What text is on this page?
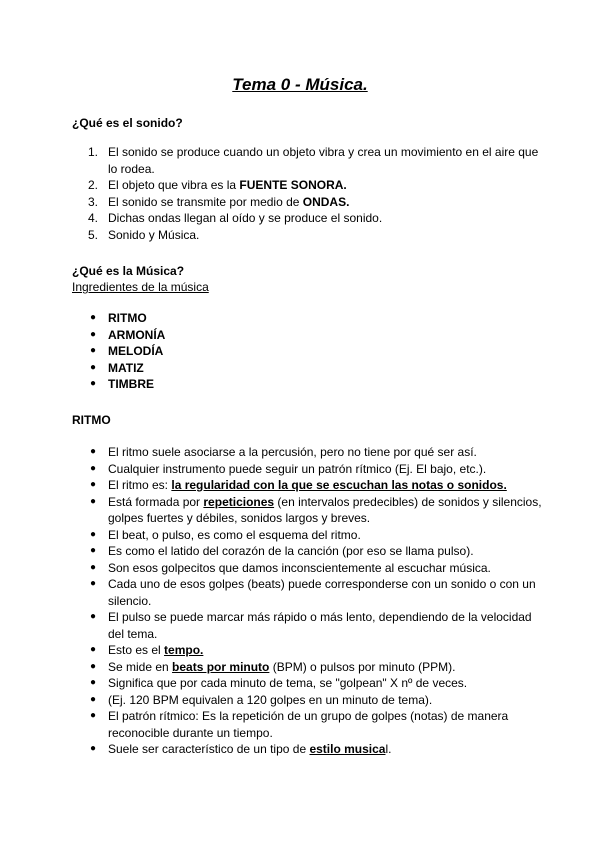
Tema 0 - Música.
¿Qué es el sonido?
1. El sonido se produce cuando un objeto vibra y crea un movimiento en el aire que lo rodea.
2. El objeto que vibra es la FUENTE SONORA.
3. El sonido se transmite por medio de ONDAS.
4. Dichas ondas llegan al oído y se produce el sonido.
5. Sonido y Música.
¿Qué es la Música?
Ingredientes de la música
● RITMO
● ARMONÍA
● MELODÍA
● MATIZ
● TIMBRE
RITMO
● El ritmo suele asociarse a la percusión, pero no tiene por qué ser así.
● Cualquier instrumento puede seguir un patrón rítmico (Ej. El bajo, etc.).
● El ritmo es: la regularidad con la que se escuchan las notas o sonidos.
● Está formada por repeticiones (en intervalos predecibles) de sonidos y silencios, golpes fuertes y débiles, sonidos largos y breves.
● El beat, o pulso, es como el esquema del ritmo.
● Es como el latido del corazón de la canción (por eso se llama pulso).
● Son esos golpecitos que damos inconscientemente al escuchar música.
● Cada uno de esos golpes (beats) puede corresponderse con un sonido o con un silencio.
● El pulso se puede marcar más rápido o más lento, dependiendo de la velocidad del tema.
● Esto es el tempo.
● Se mide en beats por minuto (BPM) o pulsos por minuto (PPM).
● Significa que por cada minuto de tema, se "golpean" X nº de veces.
● (Ej. 120 BPM equivalen a 120 golpes en un minuto de tema).
● El patrón rítmico: Es la repetición de un grupo de golpes (notas) de manera reconocible durante un tiempo.
● Suele ser característico de un tipo de estilo musical.
